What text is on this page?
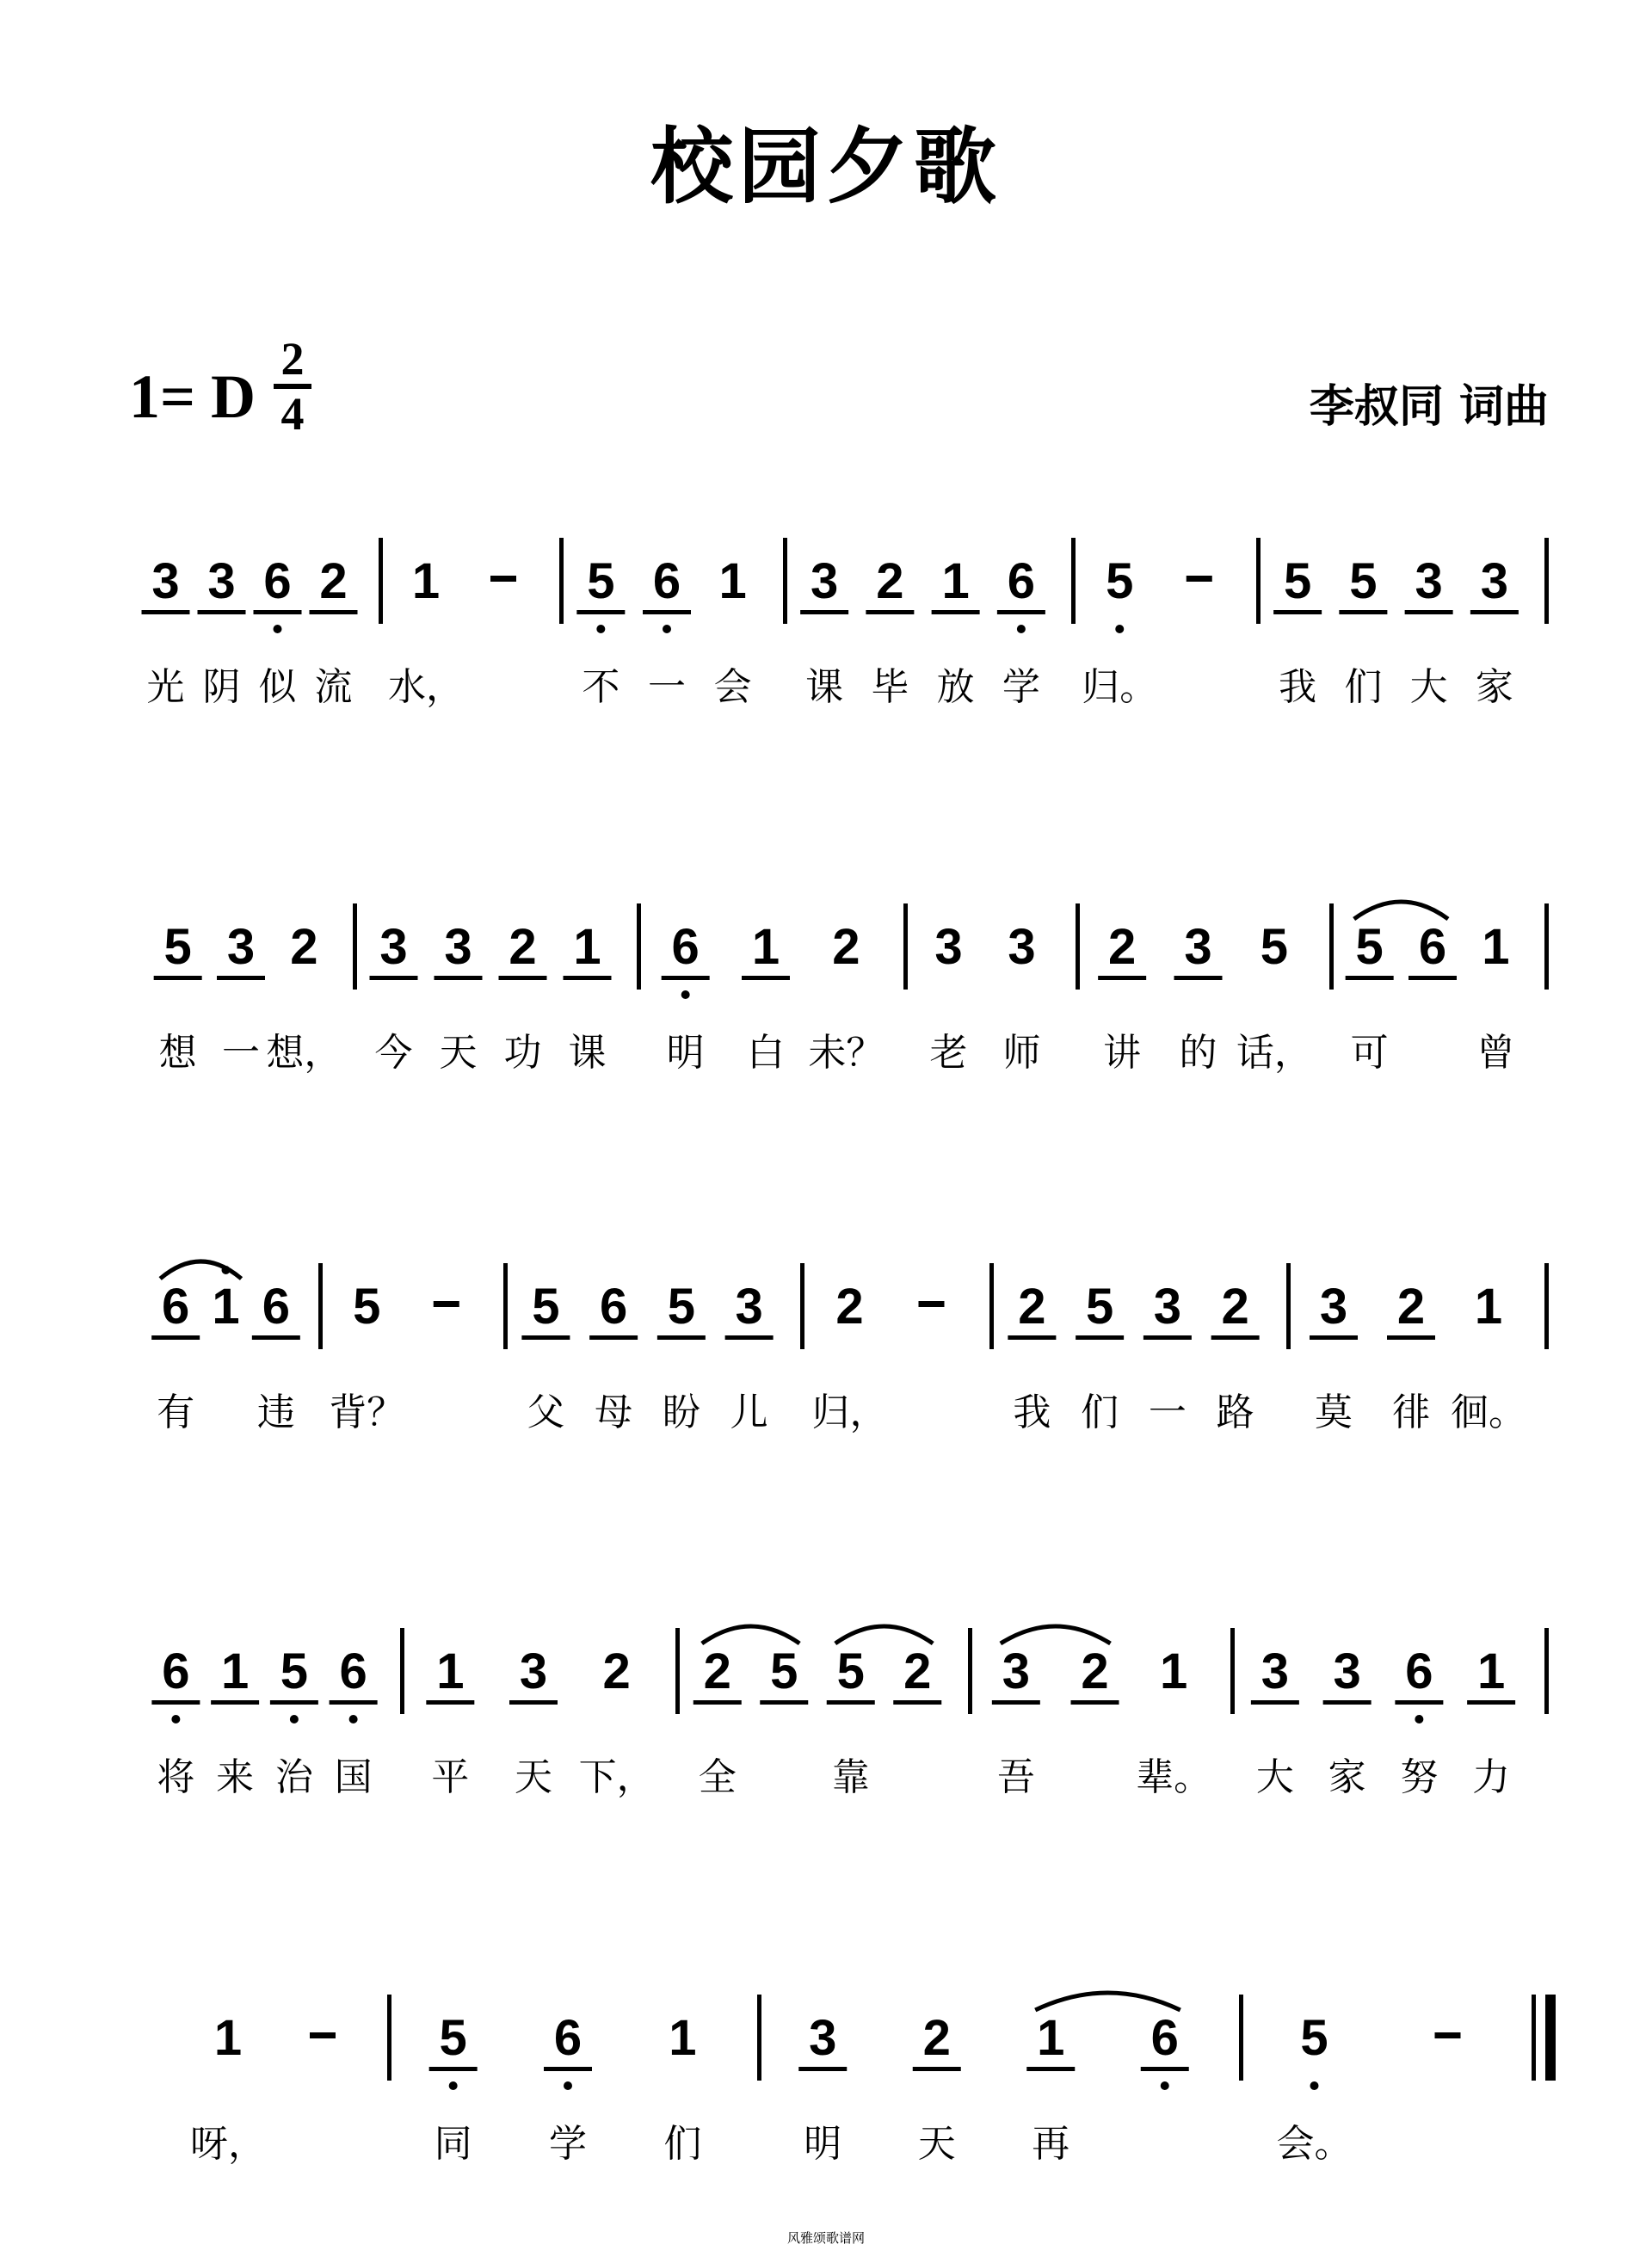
校园夕歌
1= D
2
4	李叔同 词曲
3
光
3
阴
6
似
2
流
1
水，
5
不
6
一
1
会
3
课
2
毕
1
放
6
学
5
归。
5
我
5
们
3
大
3
家
5
想
3
一
2
想，
3
今
3
天
2
功
1
课
6
明
1
白
2
未？
3
老
3
师
2
讲
3
的
5
话，
5
可
6 1
曾
6
有
1 6
违
5
背？
5
父
6
母
5
盼
3
儿
2
归，
2
我
5
们
3
一
2
路
3
莫
2
徘
1
徊。
6
将
1
来
5
治
6
国
1
平
3
天
2
下，
2
全
5 5
靠
2 3
吾
2 1
辈。
3
大
3
家
6
努
1
力
1
呀，
5
同
6
学
1
们
3
明
2
天
1
再
6 5
会。
风雅颂歌谱网
